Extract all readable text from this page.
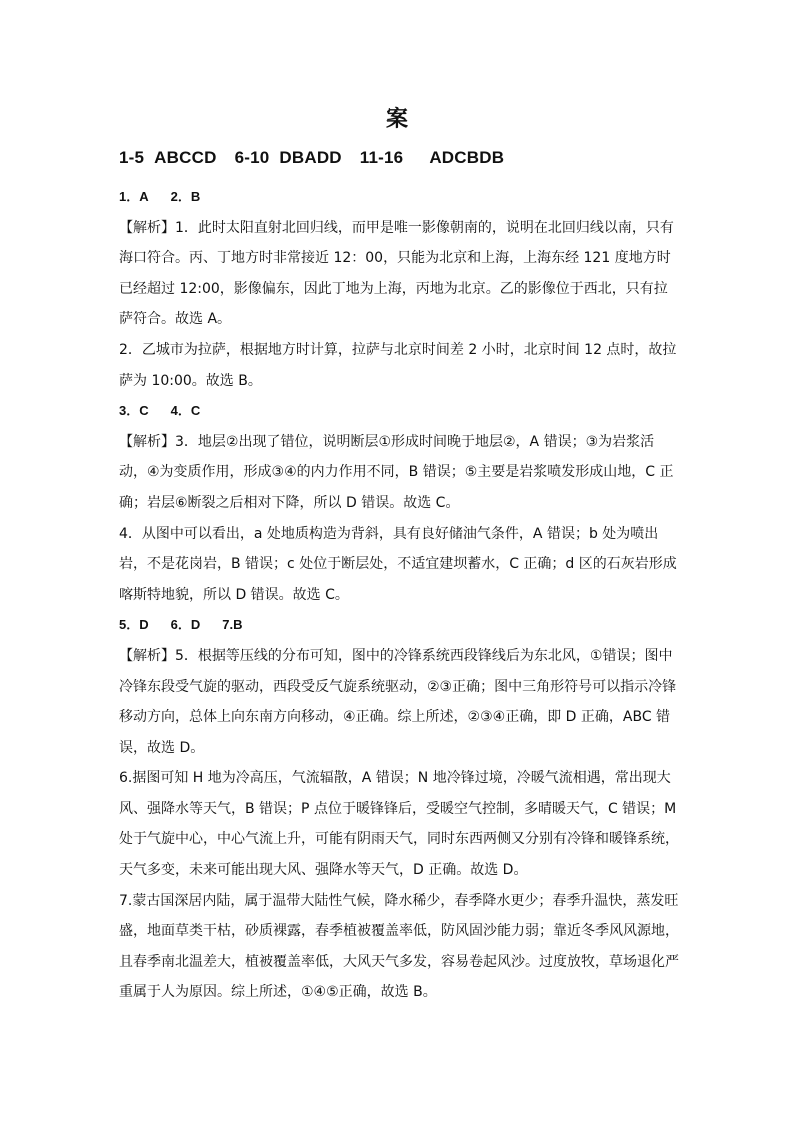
案
1-5 ABCCD 6-10 DBADD 11-16 ADCBDB

1．A 2．B

【解析】1．此时太阳直射北回归线，而甲是唯一影像朝南的，说明在北回归线以南，只有海口符合。丙、丁地方时非常接近 12：00，只能为北京和上海，上海东经 121 度地方时已经超过 12:00，影像偏东，因此丁地为上海，丙地为北京。乙的影像位于西北，只有拉萨符合。故选 A。

2．乙城市为拉萨，根据地方时计算，拉萨与北京时间差 2 小时，北京时间 12 点时，故拉萨为 10:00。故选 B。

3．C 4．C

【解析】3．地层②出现了错位，说明断层①形成时间晚于地层②，A 错误；③为岩浆活动，④为变质作用，形成③④的内力作用不同，B 错误；⑤主要是岩浆喷发形成山地，C 正确；岩层⑥断裂之后相对下降，所以 D 错误。故选 C。

4．从图中可以看出，a 处地质构造为背斜，具有良好储油气条件，A 错误；b 处为喷出岩，不是花岗岩，B 错误；c 处位于断层处，不适宜建坝蓄水，C 正确；d 区的石灰岩形成喀斯特地貌，所以 D 错误。故选 C。

5．D 6．D 7.B

【解析】5．根据等压线的分布可知，图中的冷锋系统西段锋线后为东北风，①错误；图中冷锋东段受气旋的驱动，西段受反气旋系统驱动，②③正确；图中三角形符号可以指示冷锋移动方向，总体上向东南方向移动，④正确。综上所述，②③④正确，即 D 正确，ABC 错误，故选 D。

6.据图可知 H 地为冷高压，气流辐散，A 错误；N 地冷锋过境，冷暖气流相遇，常出现大风、强降水等天气，B 错误；P 点位于暖锋锋后，受暖空气控制，多晴暖天气，C 错误；M 处于气旋中心，中心气流上升，可能有阴雨天气，同时东西两侧又分别有冷锋和暖锋系统，天气多变，未来可能出现大风、强降水等天气，D 正确。故选 D。

7.蒙古国深居内陆，属于温带大陆性气候，降水稀少，春季降水更少；春季升温快，蒸发旺盛，地面草类干枯，砂质裸露，春季植被覆盖率低，防风固沙能力弱；靠近冬季风风源地，且春季南北温差大，植被覆盖率低，大风天气多发，容易卷起风沙。过度放牧，草场退化严重属于人为原因。综上所述，①④⑤正确，故选 B。
